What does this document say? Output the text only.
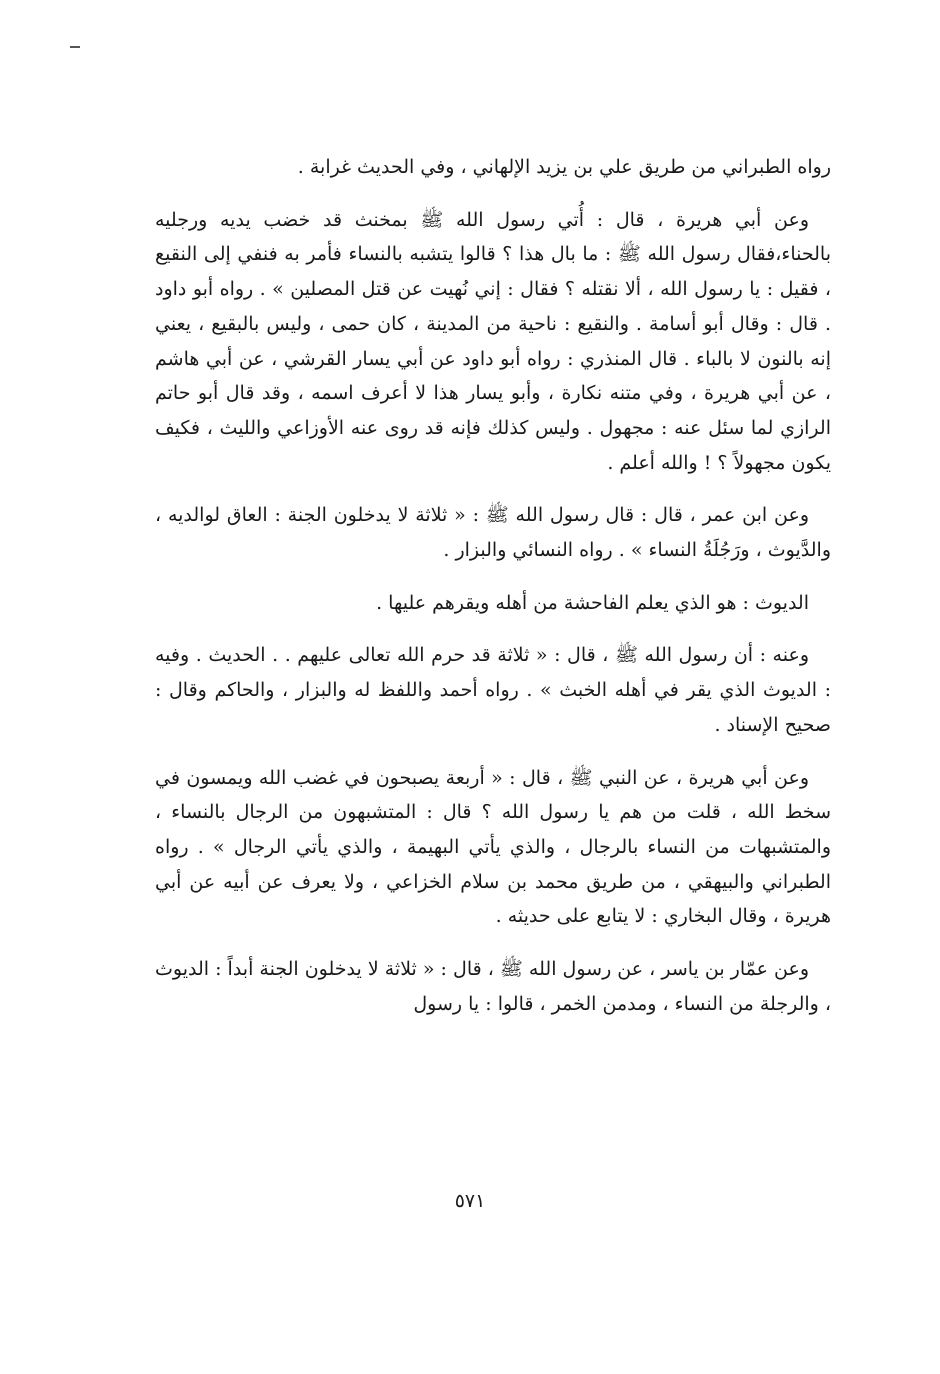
رواه الطبراني من طريق علي بن يزيد الإلهاني ، وفي الحديث غرابة .

وعن أبي هريرة ، قال : أُتي رسول الله ﷺ بمخنث قد خضب يديه ورجليه بالحناء،فقال رسول الله ﷺ : ما بال هذا ؟ قالوا يتشبه بالنساء فأمر به فنفي إلى النقيع ، فقيل : يا رسول الله ، ألا نقتله ؟ فقال : إني نُهيت عن قتل المصلين » . رواه أبو داود . قال : وقال أبو أسامة . والنقيع : ناحية من المدينة ، كان حمى ، وليس بالبقيع ، يعني إنه بالنون لا بالباء . قال المنذري : رواه أبو داود عن أبي يسار القرشي ، عن أبي هاشم ، عن أبي هريرة ، وفي متنه نكارة ، وأبو يسار هذا لا أعرف اسمه ، وقد قال أبو حاتم الرازي لما سئل عنه : مجهول . وليس كذلك فإنه قد روى عنه الأوزاعي والليث ، فكيف يكون مجهولاً ؟ ! والله أعلم .

وعن ابن عمر ، قال : قال رسول الله ﷺ : « ثلاثة لا يدخلون الجنة : العاق لوالديه ، والدَّيوث ، ورَجُلَةُ النساء » . رواه النسائي والبزار .

الديوث : هو الذي يعلم الفاحشة من أهله ويقرهم عليها .

وعنه : أن رسول الله ﷺ ، قال : « ثلاثة قد حرم الله تعالى عليهم . . الحديث . وفيه : الديوث الذي يقر في أهله الخبث » . رواه أحمد واللفظ له والبزار ، والحاكم وقال : صحيح الإسناد .

وعن أبي هريرة ، عن النبي ﷺ ، قال : « أربعة يصبحون في غضب الله ويمسون في سخط الله ، قلت من هم يا رسول الله ؟ قال : المتشبهون من الرجال بالنساء ، والمتشبهات من النساء بالرجال ، والذي يأتي البهيمة ، والذي يأتي الرجال » . رواه الطبراني والبيهقي ، من طريق محمد بن سلام الخزاعي ، ولا يعرف عن أبيه عن أبي هريرة ، وقال البخاري : لا يتابع على حديثه .

وعن عمّار بن ياسر ، عن رسول الله ﷺ ، قال : « ثلاثة لا يدخلون الجنة أبداً : الديوث ، والرجلة من النساء ، ومدمن الخمر ، قالوا : يا رسول

٥٧١
